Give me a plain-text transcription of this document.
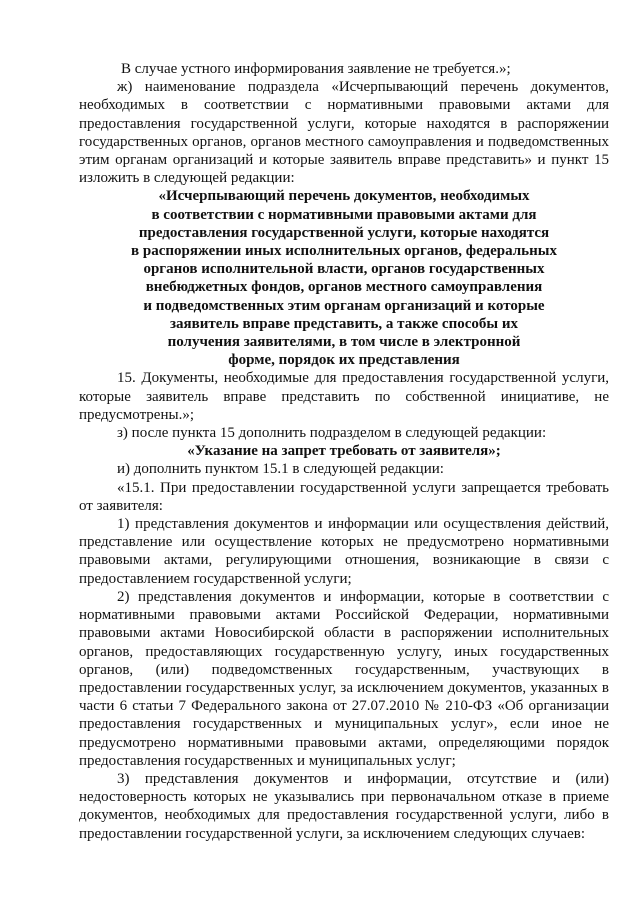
В случае устного информирования заявление не требуется.»;

ж) наименование подраздела «Исчерпывающий перечень документов, необходимых в соответствии с нормативными правовыми актами для предоставления государственной услуги, которые находятся в распоряжении государственных органов, органов местного самоуправления и подведомственных этим органам организаций и которые заявитель вправе представить» и пункт 15 изложить в следующей редакции:

«Исчерпывающий перечень документов, необходимых
в соответствии с нормативными правовыми актами для
предоставления государственной услуги, которые находятся
в распоряжении иных исполнительных органов, федеральных
органов исполнительной власти, органов государственных
внебюджетных фондов, органов местного самоуправления
и подведомственных этим органам организаций и которые
заявитель вправе представить, а также способы их
получения заявителями, в том числе в электронной
форме, порядок их представления

15. Документы, необходимые для предоставления государственной услуги, которые заявитель вправе представить по собственной инициативе, не предусмотрены.»;

з) после пункта 15 дополнить подразделом в следующей редакции:

«Указание на запрет требовать от заявителя»;

и) дополнить пунктом 15.1 в следующей редакции:

«15.1. При предоставлении государственной услуги запрещается требовать от заявителя:

1) представления документов и информации или осуществления действий, представление или осуществление которых не предусмотрено нормативными правовыми актами, регулирующими отношения, возникающие в связи с предоставлением государственной услуги;

2) представления документов и информации, которые в соответствии с нормативными правовыми актами Российской Федерации, нормативными правовыми актами Новосибирской области в распоряжении исполнительных органов, предоставляющих государственную услугу, иных государственных органов, (или) подведомственных государственным, участвующих в предоставлении государственных услуг, за исключением документов, указанных в части 6 статьи 7 Федерального закона от 27.07.2010 № 210-ФЗ «Об организации предоставления государственных и муниципальных услуг», если иное не предусмотрено нормативными правовыми актами, определяющими порядок предоставления государственных и муниципальных услуг;

3) представления документов и информации, отсутствие и (или) недостоверность которых не указывались при первоначальном отказе в приеме документов, необходимых для предоставления государственной услуги, либо в предоставлении государственной услуги, за исключением следующих случаев:
